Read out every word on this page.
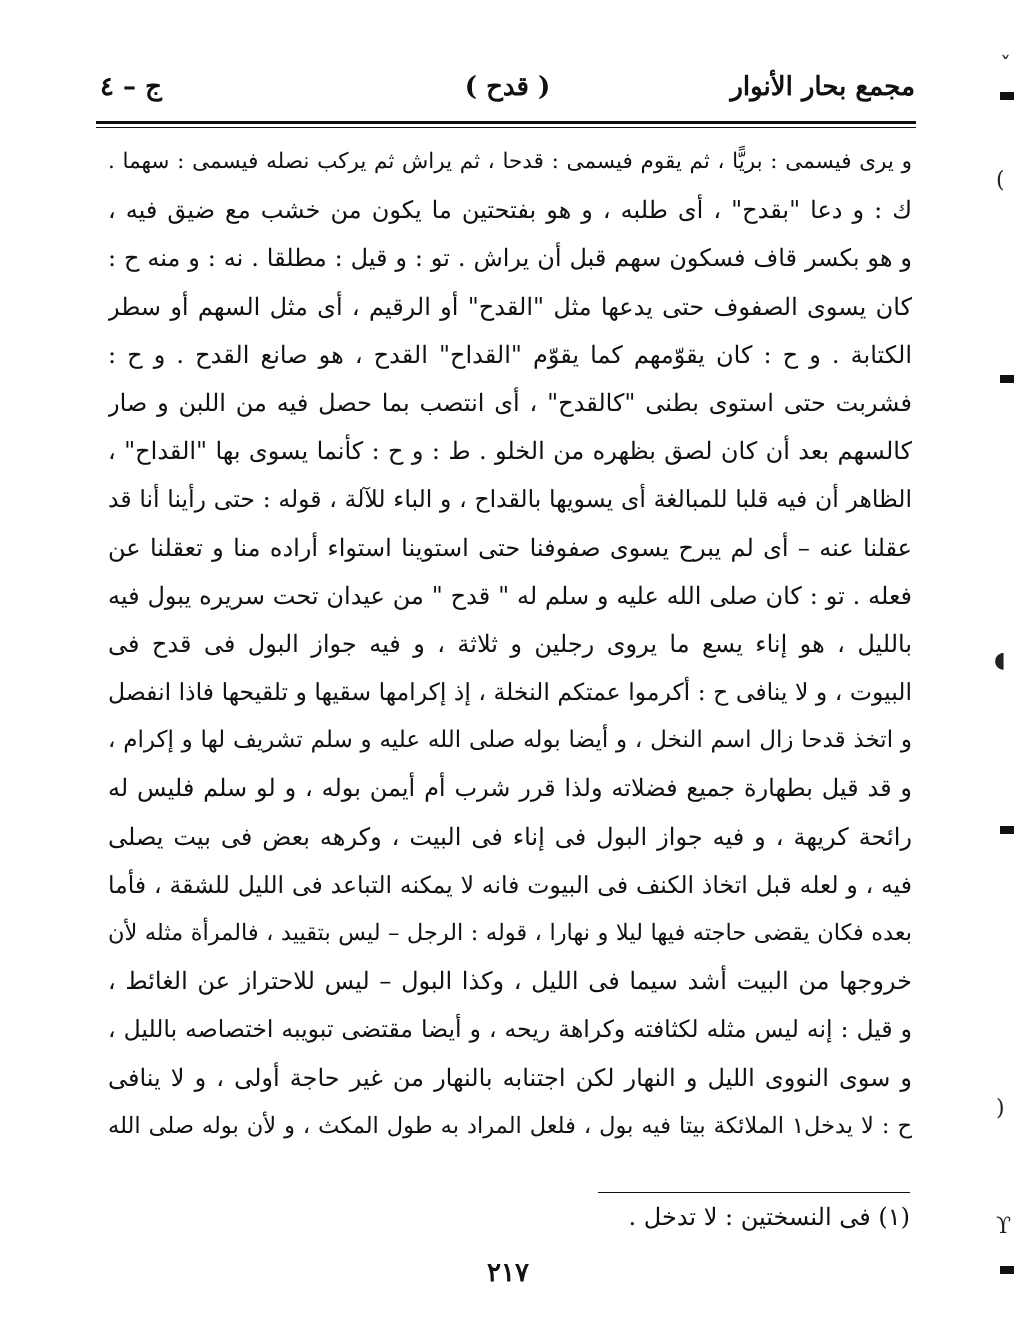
مجمع بحار الأنوار
( قدح )
ج – ٤
و يرى فيسمى : بريًّا ، ثم يقوم فيسمى : قدحا ، ثم يراش ثم يركب نصله فيسمى : سهما .
ك : و دعا "بقدح" ، أى طلبه ، و هو بفتحتين ما يكون من خشب مع ضيق فيه ،
و هو بكسر قاف فسكون سهم قبل أن يراش . تو : و قيل : مطلقا . نه : و منه ح :
كان يسوى الصفوف حتى يدعها مثل "القدح" أو الرقيم ، أى مثل السهم أو سطر
الكتابة . و ح : كان يقوّمهم كما يقوّم "القداح" القدح ، هو صانع القدح . و ح :
فشربت حتى استوى بطنى "كالقدح" ، أى انتصب بما حصل فيه من اللبن و صار
كالسهم بعد أن كان لصق بظهره من الخلو . ط : و ح : كأنما يسوى بها "القداح" ،
الظاهر أن فيه قلبا للمبالغة أى يسويها بالقداح ، و الباء للآلة ، قوله : حتى رأينا أنا قد
عقلنا عنه – أى لم يبرح يسوى صفوفنا حتى استوينا استواء أراده منا و تعقلنا عن
فعله . تو : كان صلى الله عليه و سلم له " قدح " من عيدان تحت سريره يبول فيه
بالليل ، هو إناء يسع ما يروى رجلين و ثلاثة ، و فيه جواز البول فى قدح فى
البيوت ، و لا ينافى ح : أكرموا عمتكم النخلة ، إذ إكرامها سقيها و تلقيحها فاذا انفصل
و اتخذ قدحا زال اسم النخل ، و أيضا بوله صلى الله عليه و سلم تشريف لها و إكرام ،
و قد قيل بطهارة جميع فضلاته ولذا قرر شرب أم أيمن بوله ، و لو سلم فليس له
رائحة كريهة ، و فيه جواز البول فى إناء فى البيت ، وكرهه بعض فى بيت يصلى
فيه ، و لعله قبل اتخاذ الكنف فى البيوت فانه لا يمكنه التباعد فى الليل للشقة ، فأما
بعده فكان يقضى حاجته فيها ليلا و نهارا ، قوله : الرجل – ليس بتقييد ، فالمرأة مثله لأن
خروجها من البيت أشد سيما فى الليل ، وكذا البول – ليس للاحتراز عن الغائط ،
و قيل : إنه ليس مثله لكثافته وكراهة ريحه ، و أيضا مقتضى تبويبه اختصاصه بالليل ،
و سوى النووى الليل و النهار لكن اجتنابه بالنهار من غير حاجة أولى ، و لا ينافى
ح : لا يدخل١ الملائكة بيتا فيه بول ، فلعل المراد به طول المكث ، و لأن بوله صلى الله
(١) فى النسختين : لا تدخل .
٢١٧
(
◖
)
ϒ
ˇ
